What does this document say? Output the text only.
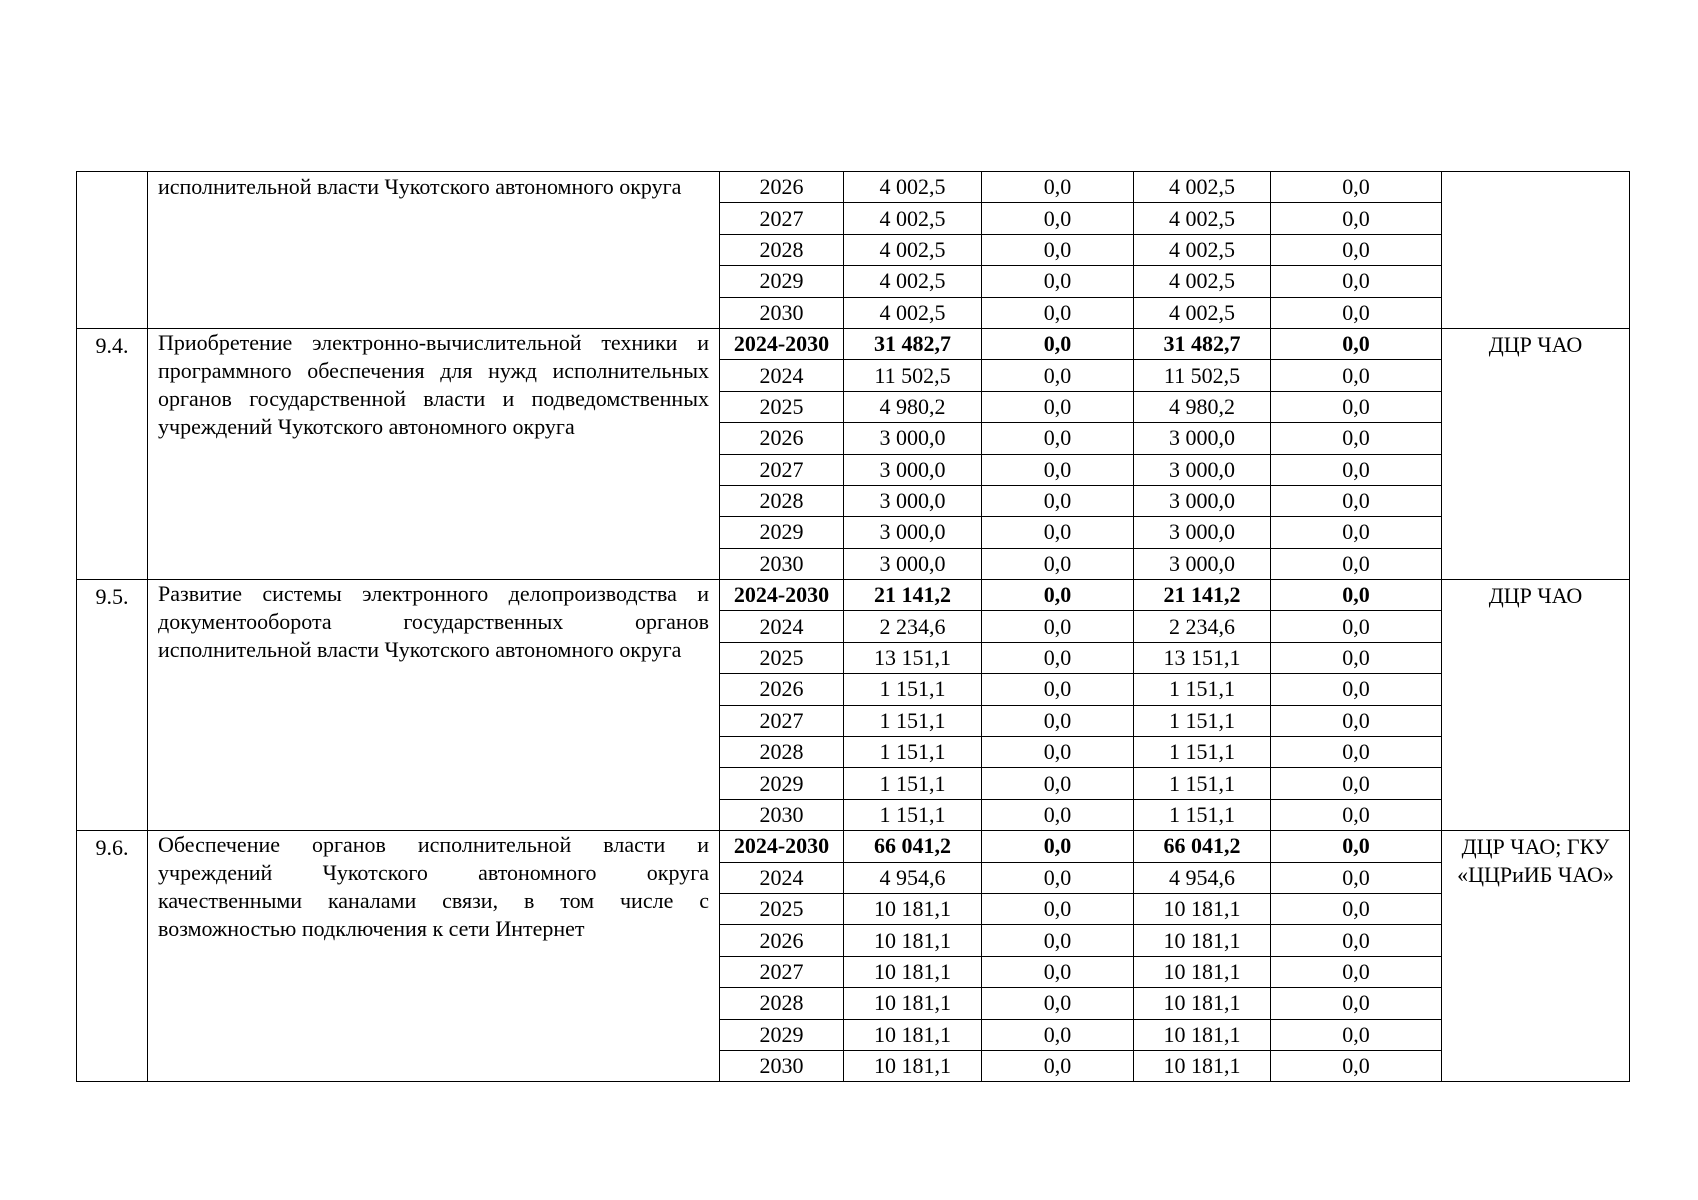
	исполнительной власти Чукотского автономного округа	2026	4 002,5	0,0	4 002,5	0,0	
		2027	4 002,5	0,0	4 002,5	0,0	
		2028	4 002,5	0,0	4 002,5	0,0	
		2029	4 002,5	0,0	4 002,5	0,0	
		2030	4 002,5	0,0	4 002,5	0,0	
9.4.	Приобретение электронно-вычислительной техники и программного обеспечения для нужд исполнительных органов государственной власти и подведомственных учреждений Чукотского автономного округа	2024-2030	31 482,7	0,0	31 482,7	0,0	ДЦР ЧАО
		2024	11 502,5	0,0	11 502,5	0,0	
		2025	4 980,2	0,0	4 980,2	0,0	
		2026	3 000,0	0,0	3 000,0	0,0	
		2027	3 000,0	0,0	3 000,0	0,0	
		2028	3 000,0	0,0	3 000,0	0,0	
		2029	3 000,0	0,0	3 000,0	0,0	
		2030	3 000,0	0,0	3 000,0	0,0	
9.5.	Развитие системы электронного делопроизводства и документооборота государственных органов исполнительной власти Чукотского автономного округа	2024-2030	21 141,2	0,0	21 141,2	0,0	ДЦР ЧАО
		2024	2 234,6	0,0	2 234,6	0,0	
		2025	13 151,1	0,0	13 151,1	0,0	
		2026	1 151,1	0,0	1 151,1	0,0	
		2027	1 151,1	0,0	1 151,1	0,0	
		2028	1 151,1	0,0	1 151,1	0,0	
		2029	1 151,1	0,0	1 151,1	0,0	
		2030	1 151,1	0,0	1 151,1	0,0	
9.6.	Обеспечение органов исполнительной власти и учреждений Чукотского автономного округа качественными каналами связи, в том числе с возможностью подключения к сети Интернет	2024-2030	66 041,2	0,0	66 041,2	0,0	ДЦР ЧАО; ГКУ «ЦЦРиИБ ЧАО»
		2024	4 954,6	0,0	4 954,6	0,0	
		2025	10 181,1	0,0	10 181,1	0,0	
		2026	10 181,1	0,0	10 181,1	0,0	
		2027	10 181,1	0,0	10 181,1	0,0	
		2028	10 181,1	0,0	10 181,1	0,0	
		2029	10 181,1	0,0	10 181,1	0,0	
		2030	10 181,1	0,0	10 181,1	0,0	
